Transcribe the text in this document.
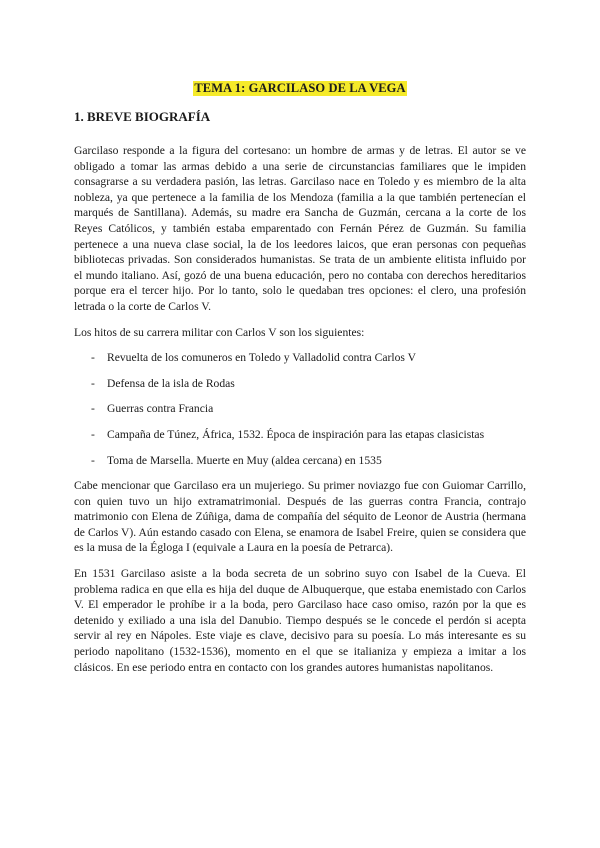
TEMA 1: GARCILASO DE LA VEGA
1. BREVE BIOGRAFÍA

Garcilaso responde a la figura del cortesano: un hombre de armas y de letras. El autor se ve obligado a tomar las armas debido a una serie de circunstancias familiares que le impiden consagrarse a su verdadera pasión, las letras. Garcilaso nace en Toledo y es miembro de la alta nobleza, ya que pertenece a la familia de los Mendoza (familia a la que también pertenecían el marqués de Santillana). Además, su madre era Sancha de Guzmán, cercana a la corte de los Reyes Católicos, y también estaba emparentado con Fernán Pérez de Guzmán. Su familia pertenece a una nueva clase social, la de los leedores laicos, que eran personas con pequeñas bibliotecas privadas. Son considerados humanistas. Se trata de un ambiente elitista influido por el mundo italiano. Así, gozó de una buena educación, pero no contaba con derechos hereditarios porque era el tercer hijo. Por lo tanto, solo le quedaban tres opciones: el clero, una profesión letrada o la corte de Carlos V.

Los hitos de su carrera militar con Carlos V son los siguientes:

- Revuelta de los comuneros en Toledo y Valladolid contra Carlos V
- Defensa de la isla de Rodas
- Guerras contra Francia
- Campaña de Túnez, África, 1532. Época de inspiración para las etapas clasicistas
- Toma de Marsella. Muerte en Muy (aldea cercana) en 1535

Cabe mencionar que Garcilaso era un mujeriego. Su primer noviazgo fue con Guiomar Carrillo, con quien tuvo un hijo extramatrimonial. Después de las guerras contra Francia, contrajo matrimonio con Elena de Zúñiga, dama de compañía del séquito de Leonor de Austria (hermana de Carlos V). Aún estando casado con Elena, se enamora de Isabel Freire, quien se considera que es la musa de la Égloga I (equivale a Laura en la poesía de Petrarca).

En 1531 Garcilaso asiste a la boda secreta de un sobrino suyo con Isabel de la Cueva. El problema radica en que ella es hija del duque de Albuquerque, que estaba enemistado con Carlos V. El emperador le prohíbe ir a la boda, pero Garcilaso hace caso omiso, razón por la que es detenido y exiliado a una isla del Danubio. Tiempo después se le concede el perdón si acepta servir al rey en Nápoles. Este viaje es clave, decisivo para su poesía. Lo más interesante es su periodo napolitano (1532-1536), momento en el que se italianiza y empieza a imitar a los clásicos. En ese periodo entra en contacto con los grandes autores humanistas napolitanos.
